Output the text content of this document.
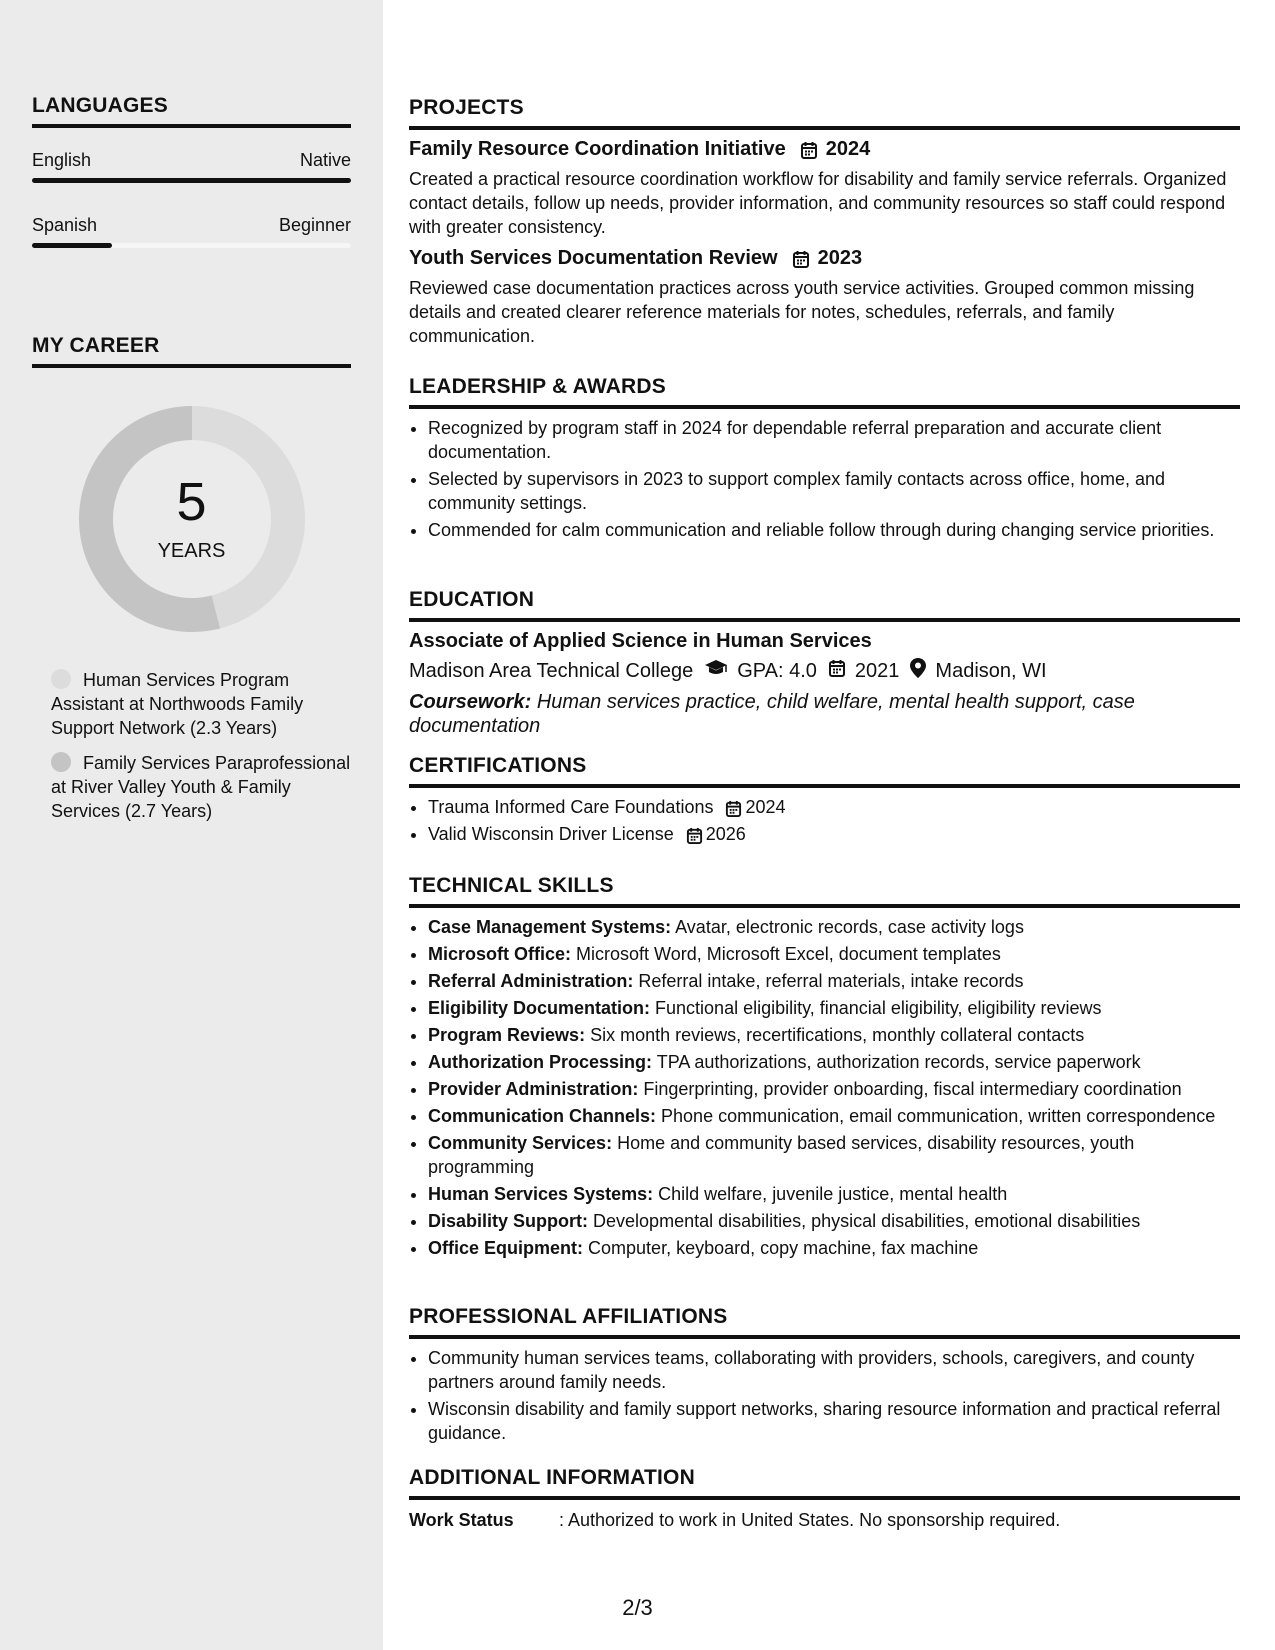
LANGUAGES
English	Native
Spanish	Beginner
MY CAREER
5
YEARS
Human Services Program Assistant at Northwoods Family Support Network (2.3 Years)
Family Services Paraprofessional at River Valley Youth & Family Services (2.7 Years)
PROJECTS
Family Resource Coordination Initiative 2024
Created a practical resource coordination workflow for disability and family service referrals. Organized contact details, follow up needs, provider information, and community resources so staff could respond with greater consistency.
Youth Services Documentation Review 2023
Reviewed case documentation practices across youth service activities. Grouped common missing details and created clearer reference materials for notes, schedules, referrals, and family communication.
LEADERSHIP & AWARDS
• Recognized by program staff in 2024 for dependable referral preparation and accurate client documentation.
• Selected by supervisors in 2023 to support complex family contacts across office, home, and community settings.
• Commended for calm communication and reliable follow through during changing service priorities.
EDUCATION
Associate of Applied Science in Human Services
Madison Area Technical College GPA: 4.0 2021 Madison, WI
Coursework: Human services practice, child welfare, mental health support, case documentation
CERTIFICATIONS
• Trauma Informed Care Foundations 2024
• Valid Wisconsin Driver License 2026
TECHNICAL SKILLS
• Case Management Systems: Avatar, electronic records, case activity logs
• Microsoft Office: Microsoft Word, Microsoft Excel, document templates
• Referral Administration: Referral intake, referral materials, intake records
• Eligibility Documentation: Functional eligibility, financial eligibility, eligibility reviews
• Program Reviews: Six month reviews, recertifications, monthly collateral contacts
• Authorization Processing: TPA authorizations, authorization records, service paperwork
• Provider Administration: Fingerprinting, provider onboarding, fiscal intermediary coordination
• Communication Channels: Phone communication, email communication, written correspondence
• Community Services: Home and community based services, disability resources, youth programming
• Human Services Systems: Child welfare, juvenile justice, mental health
• Disability Support: Developmental disabilities, physical disabilities, emotional disabilities
• Office Equipment: Computer, keyboard, copy machine, fax machine
PROFESSIONAL AFFILIATIONS
• Community human services teams, collaborating with providers, schools, caregivers, and county partners around family needs.
• Wisconsin disability and family support networks, sharing resource information and practical referral guidance.
ADDITIONAL INFORMATION
Work Status	: Authorized to work in United States. No sponsorship required.
2/3
